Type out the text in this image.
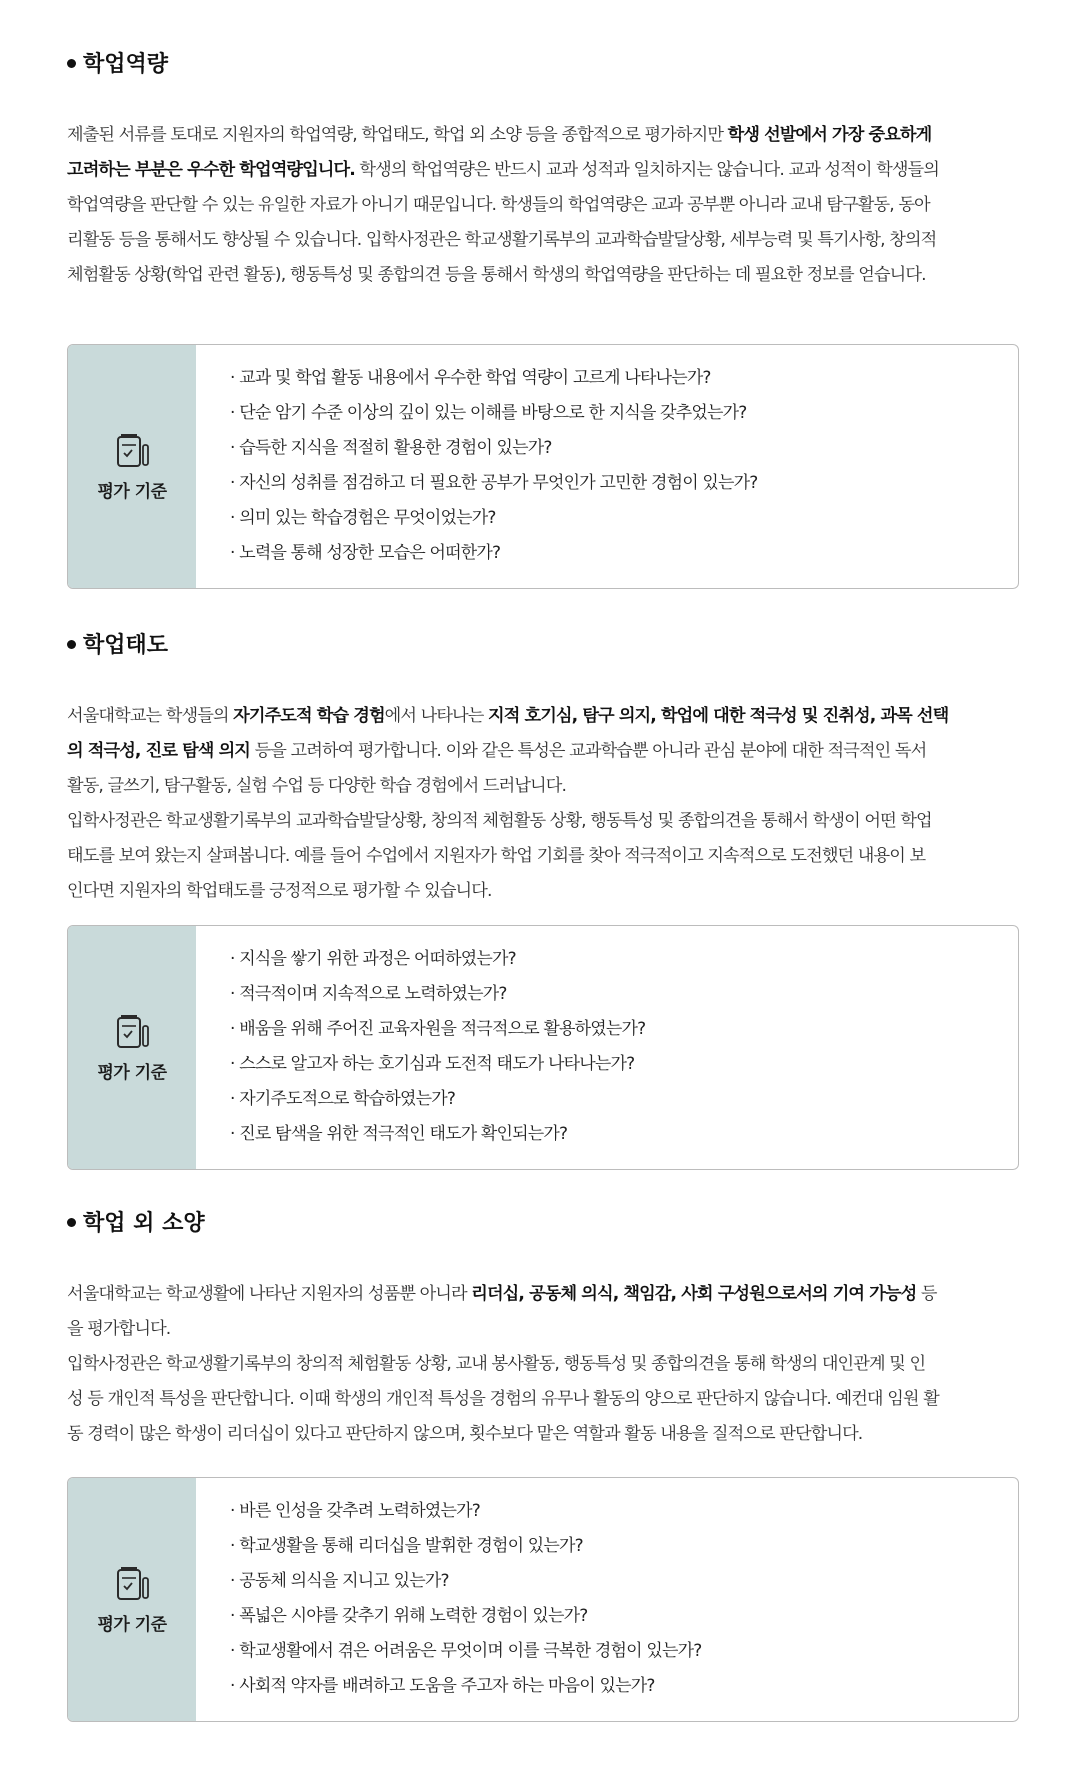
학업역량

제출된 서류를 토대로 지원자의 학업역량, 학업태도, 학업 외 소양 등을 종합적으로 평가하지만 학생 선발에서 가장 중요하게
고려하는 부분은 우수한 학업역량입니다. 학생의 학업역량은 반드시 교과 성적과 일치하지는 않습니다. 교과 성적이 학생들의
학업역량을 판단할 수 있는 유일한 자료가 아니기 때문입니다. 학생들의 학업역량은 교과 공부뿐 아니라 교내 탐구활동, 동아
리활동 등을 통해서도 향상될 수 있습니다. 입학사정관은 학교생활기록부의 교과학습발달상황, 세부능력 및 특기사항, 창의적
체험활동 상황(학업 관련 활동), 행동특성 및 종합의견 등을 통해서 학생의 학업역량을 판단하는 데 필요한 정보를 얻습니다.

평가 기준
· 교과 및 학업 활동 내용에서 우수한 학업 역량이 고르게 나타나는가?
· 단순 암기 수준 이상의 깊이 있는 이해를 바탕으로 한 지식을 갖추었는가?
· 습득한 지식을 적절히 활용한 경험이 있는가?
· 자신의 성취를 점검하고 더 필요한 공부가 무엇인가 고민한 경험이 있는가?
· 의미 있는 학습경험은 무엇이었는가?
· 노력을 통해 성장한 모습은 어떠한가?
학업태도

서울대학교는 학생들의 자기주도적 학습 경험에서 나타나는 지적 호기심, 탐구 의지, 학업에 대한 적극성 및 진취성, 과목 선택
의 적극성, 진로 탐색 의지 등을 고려하여 평가합니다. 이와 같은 특성은 교과학습뿐 아니라 관심 분야에 대한 적극적인 독서
활동, 글쓰기, 탐구활동, 실험 수업 등 다양한 학습 경험에서 드러납니다.
입학사정관은 학교생활기록부의 교과학습발달상황, 창의적 체험활동 상황, 행동특성 및 종합의견을 통해서 학생이 어떤 학업
태도를 보여 왔는지 살펴봅니다. 예를 들어 수업에서 지원자가 학업 기회를 찾아 적극적이고 지속적으로 도전했던 내용이 보
인다면 지원자의 학업태도를 긍정적으로 평가할 수 있습니다.

평가 기준
· 지식을 쌓기 위한 과정은 어떠하였는가?
· 적극적이며 지속적으로 노력하였는가?
· 배움을 위해 주어진 교육자원을 적극적으로 활용하였는가?
· 스스로 알고자 하는 호기심과 도전적 태도가 나타나는가?
· 자기주도적으로 학습하였는가?
· 진로 탐색을 위한 적극적인 태도가 확인되는가?
학업 외 소양

서울대학교는 학교생활에 나타난 지원자의 성품뿐 아니라 리더십, 공동체 의식, 책임감, 사회 구성원으로서의 기여 가능성 등
을 평가합니다.
입학사정관은 학교생활기록부의 창의적 체험활동 상황, 교내 봉사활동, 행동특성 및 종합의견을 통해 학생의 대인관계 및 인
성 등 개인적 특성을 판단합니다. 이때 학생의 개인적 특성을 경험의 유무나 활동의 양으로 판단하지 않습니다. 예컨대 임원 활
동 경력이 많은 학생이 리더십이 있다고 판단하지 않으며, 횟수보다 맡은 역할과 활동 내용을 질적으로 판단합니다.

평가 기준
· 바른 인성을 갖추려 노력하였는가?
· 학교생활을 통해 리더십을 발휘한 경험이 있는가?
· 공동체 의식을 지니고 있는가?
· 폭넓은 시야를 갖추기 위해 노력한 경험이 있는가?
· 학교생활에서 겪은 어려움은 무엇이며 이를 극복한 경험이 있는가?
· 사회적 약자를 배려하고 도움을 주고자 하는 마음이 있는가?
